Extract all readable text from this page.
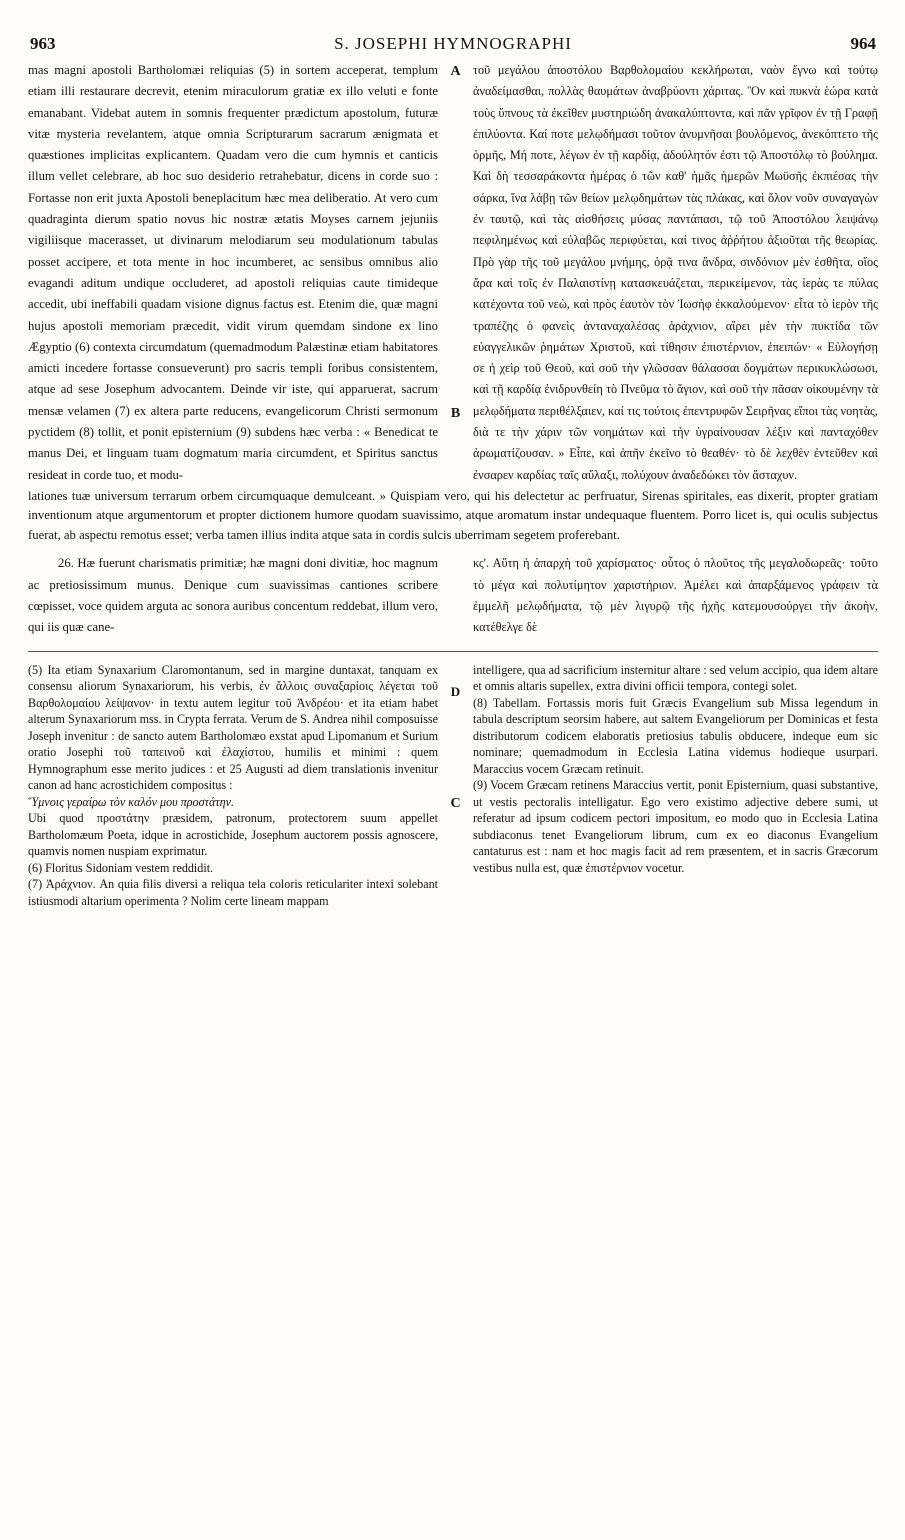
963	S. JOSEPHI HYMNOGRAPHI	964

mas magni apostoli Bartholomæi reliquias (5) in sortem acceperat, templum etiam illi restaurare decrevit, etenim miraculorum gratiæ ex illo veluti e fonte emanabant. Videbat autem in somnis frequenter prædictum apostolum, futuræ vitæ mysteria revelantem, atque omnia Scripturarum sacrarum ænigmata et quæstiones implicitas explicantem. Quadam vero die cum hymnis et canticis illum vellet celebrare, ab hoc suo desiderio retrahebatur, dicens in corde suo : Fortasse non erit juxta Apostoli beneplacitum hæc mea deliberatio. At vero cum quadraginta dierum spatio novus hic nostræ ætatis Moyses carnem jejuniis vigiliisque macerasset, ut divinarum melodiarum seu modulationum tabulas posset accipere, et tota mente in hoc incumberet, ac sensibus omnibus alio evagandi aditum undique occluderet, ad apostoli reliquias caute timideque accedit, ubi ineffabili quadam visione dignus factus est. Etenim die, quæ magni hujus apostoli memoriam præcedit, vidit virum quemdam sindone ex lino Ægyptio (6) contexta circumdatum (quemadmodum Palæstinæ etiam habitatores amicti incedere fortasse consueverunt) pro sacris templi foribus consistentem, atque ad sese Josephum advocantem. Deinde vir iste, qui apparuerat, sacrum mensæ velamen (7) ex altera parte reducens, evangelicorum Christi sermonum pyctidem (8) tollit, et ponit episternium (9) subdens hæc verba : « Benedicat te manus Dei, et linguam tuam dogmatum maria circumdent, et Spiritus sanctus resideat in corde tuo, et modu-

A
B
C

τοῦ μεγάλου ἀποστόλου Βαρθολομαίου κεκλήρωται, ναὸν ἔγνω καὶ τούτῳ ἀναδείμασθαι, πολλὰς θαυμάτων ἀναβρύοντι χάριτας. Ὃν καὶ πυκνὰ ἑώρα κατὰ τοὺς ὕπνους τὰ ἐκεῖθεν μυστηριώδη ἀνακαλύπτοντα, καὶ πᾶν γρῖφον ἐν τῇ Γραφῇ ἐπιλύοντα. Καί ποτε μελῳδήμασι τοῦτον ἀνυμνῆσαι βουλόμενος, ἀνεκόπτετο τῆς ὁρμῆς, Μή ποτε, λέγων ἐν τῇ καρδίᾳ, ἀδούλητόν ἐστι τῷ Ἀποστόλῳ τὸ βούλημα. Καὶ δὴ τεσσαράκοντα ἡμέρας ὁ τῶν καθ' ἡμᾶς ἡμερῶν Μωϋσῆς ἐκπιέσας τὴν σάρκα, ἵνα λάβῃ τῶν θείων μελῳδημάτων τὰς πλάκας, καὶ ὅλον νοῦν συναγαγὼν ἐν ταυτῷ, καὶ τὰς αἰσθήσεις μύσας παντάπασι, τῷ τοῦ Ἀποστόλου λειψάνῳ πεφιλημένως καὶ εὐλαβῶς περιφύεται, καί τινος ἀῤῥήτου ἀξιοῦται τῆς θεωρίας. Πρὸ γὰρ τῆς τοῦ μεγάλου μνήμης, ὁρᾷ τινα ἄνδρα, σινδόνιον μὲν ἐσθῆτα, οἵος ἄρα καὶ τοῖς ἐν Παλαιστίνῃ κατασκευάζεται, περικείμενον, τὰς ἱερὰς τε πύλας κατέχοντα τοῦ νεὼ, καὶ πρὸς ἑαυτὸν τὸν Ἰωσὴφ ἐκκαλούμενον· εἶτα τὸ ἱερὸν τῆς τραπέζης ὁ φανεὶς ἀνταναχαλέσας ἀράχνιον, αἴρει μὲν τὴν πυκτίδα τῶν εὐαγγελικῶν ῥημάτων Χριστοῦ, καὶ τίθησιν ἐπιστέρνιον, ἐπειπών· « Εὐλογήσῃ σε ἡ χεὶρ τοῦ Θεοῦ, καὶ σοῦ τὴν γλῶσσαν θάλασσαι δογμάτων περικυκλώσωσι, καὶ τῇ καρδίᾳ ἐνιδρυνθείη τὸ Πνεῦμα τὸ ἅγιον, καὶ σοῦ τὴν πᾶσαν οἰκουμένην τὰ μελῳδήματα περιθέλξαιεν, καί τις τούτοις ἐπεντρυφῶν Σειρῆνας εἴποι τὰς νοητὰς, διὰ τε τὴν χάριν τῶν νοημάτων καὶ τὴν ὑγραίνουσαν λέξιν καὶ πανταχόθεν ἀρωματίζουσαν. » Εἶπε, καὶ ἀπῆν ἐκεῖνο τὸ θεαθέν· τὸ δὲ λεχθὲν ἐντεῦθεν καὶ ἐνσαρεν καρδίας ταῖς αὔλαξι, πολύχουν ἀναδεδώκει τὸν ἄσταχυν.

lationes tuæ universum terrarum orbem circumquaque demulceant. » Quispiam vero, qui his delectetur ac perfruatur, Sirenas spiritales, eas dixerit, propter gratiam inventionum atque argumentorum et propter dictionem humore quodam suavissimo, atque aromatum instar undequaque fluentem. Porro licet is, qui oculis subjectus fuerat, ab aspectu remotus esset; verba tamen illius indita atque sata in cordis sulcis uberrimam segetem proferebant.

26. Hæ fuerunt charismatis primitiæ; hæ magni doni divitiæ, hoc magnum ac pretiosissimum munus. Denique cum suavissimas cantiones scribere cœpisset, voce quidem arguta ac sonora auribus concentum reddebat, illum vero, qui iis quæ cane-

κς'. Αὕτη ἡ ἀπαρχὴ τοῦ χαρίσματος· οὗτος ὁ πλοῦτος τῆς μεγαλοδωρεᾶς· τοῦτο τὸ μέγα καὶ πολυτίμητον χαριστήριον. Ἀμέλει καὶ ἀπαρξάμενος γράφειν τὰ ἐμμελῆ μελῳδήματα, τῷ μὲν λιγυρῷ τῆς ἠχῆς κατεμουσούργει τὴν ἀκοὴν, κατέθελγε δὲ

(5) Ita etiam Synaxarium Claromontanum, sed in margine duntaxat, tanquam ex consensu aliorum Synaxariorum, his verbis, ἐν ἄλλοις συναξαρίοις λέγεται τοῦ Βαρθολομαίου λείψανον· in textu autem legitur τοῦ Ἀνδρέου· et ita etiam habet alterum Synaxariorum mss. in Crypta ferrata. Verum de S. Andrea nihil composuisse Joseph invenitur : de sancto autem Bartholomæo exstat apud Lipomanum et Surium oratio Josephi τοῦ ταπεινοῦ καὶ ἐλαχίστου, humilis et minimi : quem Hymnographum esse merito judices : et 25 Augusti ad diem translationis invenitur canon ad hanc acrostichidem compositus :

Ὕμνοις γεραίρω τὸν καλόν μου προστάτην.

Ubi quod προστάτην præsidem, patronum, protectorem suum appellet Bartholomæum Poeta, idque in acrostichide, Josephum auctorem possis agnoscere, quamvis nomen nuspiam exprimatur.

(6) Floritus Sidoniam vestem reddidit.

(7) Ἀράχνιον. An quia filis diversi a reliqua tela coloris reticulariter intexi solebant istiusmodi altarium operimenta ? Nolim certe lineam mappam

D

intelligere, qua ad sacrificium insternitur altare : sed velum accipio, qua idem altare et omnis altaris supellex, extra divini officii tempora, contegi solet.

(8) Tabellam. Fortassis moris fuit Græcis Evangelium sub Missa legendum in tabula descriptum seorsim habere, aut saltem Evangeliorum per Dominicas et festa distributorum codicem elaboratis pretiosius tabulis obducere, indeque eum sic nominare; quemadmodum in Ecclesia Latina videmus hodieque usurpari. Maraccius vocem Græcam retinuit.

(9) Vocem Græcam retinens Maraccius vertit, ponit Episternium, quasi substantive, ut vestis pectoralis intelligatur. Ego vero existimo adjective debere sumi, ut referatur ad ipsum codicem pectori impositum, eo modo quo in Ecclesia Latina subdiaconus tenet Evangeliorum librum, cum ex eo diaconus Evangelium cantaturus est : nam et hoc magis facit ad rem præsentem, et in sacris Græcorum vestibus nulla est, quæ ἐπιστέρνιον vocetur.
